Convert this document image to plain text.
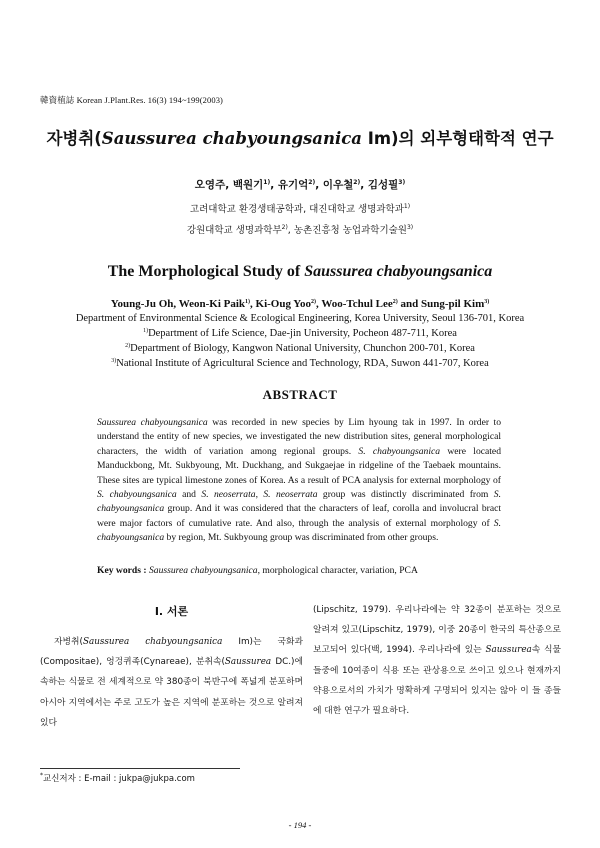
韓資植誌 Korean J.Plant.Res. 16(3) 194~199(2003)
자병취(Saussurea chabyoungsanica Im)의 외부형태학적 연구
오영주, 백원기$^{1)}$, 유기억$^{2)}$, 이우철$^{2)}$, 김성필$^{3)}$
고려대학교 환경생태공학과, 대진대학교 생명과학과$^{1)}$
강원대학교 생명과학부$^{2)}$, 농촌진흥청 농업과학기술원$^{3)}$
The Morphological Study of Saussurea chabyoungsanica
Young-Ju Oh, Weon-Ki Paik$^{1)}$, Ki-Oug Yoo$^{2)}$, Woo-Tchul Lee$^{2)}$ and Sung-pil Kim$^{3)}$
Department of Environmental Science & Ecological Engineering, Korea University, Seoul 136-701, Korea
$^{1)}$Department of Life Science, Dae-jin University, Pocheon 487-711, Korea
$^{2)}$Department of Biology, Kangwon National University, Chunchon 200-701, Korea
$^{3)}$National Institute of Agricultural Science and Technology, RDA, Suwon 441-707, Korea
ABSTRACT
Saussurea chabyoungsanica was recorded in new species by Lim hyoung tak in 1997. In order to understand the entity of new species, we investigated the new distribution sites, general morphological characters, the width of variation among regional groups. S. chabyoungsanica were located Manduckbong, Mt. Sukbyoung, Mt. Duckhang, and Sukgaejae in ridgeline of the Taebaek mountains. These sites are typical limestone zones of Korea. As a result of PCA analysis for external morphology of S. chabyoungsanica and S. neoserrata, S. neoserrata group was distinctly discriminated from S. chabyoungsanica group. And it was considered that the characters of leaf, corolla and involucral bract were major factors of cumulative rate. And also, through the analysis of external morphology of S. chabyoungsanica by region, Mt. Sukbyoung group was discriminated from other groups.
Key words : Saussurea chabyoungsanica, morphological character, variation, PCA
Ⅰ. 서론
자병취(Saussurea chabyoungsanica Im)는 국화과(Compositae), 엉겅퀴족(Cynareae), 분취속(Saussurea DC.)에 속하는 식물로 전 세계적으로 약 380종이 북반구에 폭넓게 분포하며 아시아 지역에서는 주로 고도가 높은 지역에 분포하는 것으로 알려져 있다
(Lipschitz, 1979). 우리나라에는 약 32종이 분포하는 것으로 알려져 있고(Lipschitz, 1979), 이중 20종이 한국의 특산종으로 보고되어 있다(백, 1994). 우리나라에 있는 Saussurea속 식물들중에 10여종이 식용 또는 관상용으로 쓰이고 있으나 현재까지 약용으로서의 가치가 명확하게 구명되어 있지는 않아 이 들 종들에 대한 연구가 필요하다.
*교신저자 : E-mail : jukpa@jukpa.com
- 194 -
